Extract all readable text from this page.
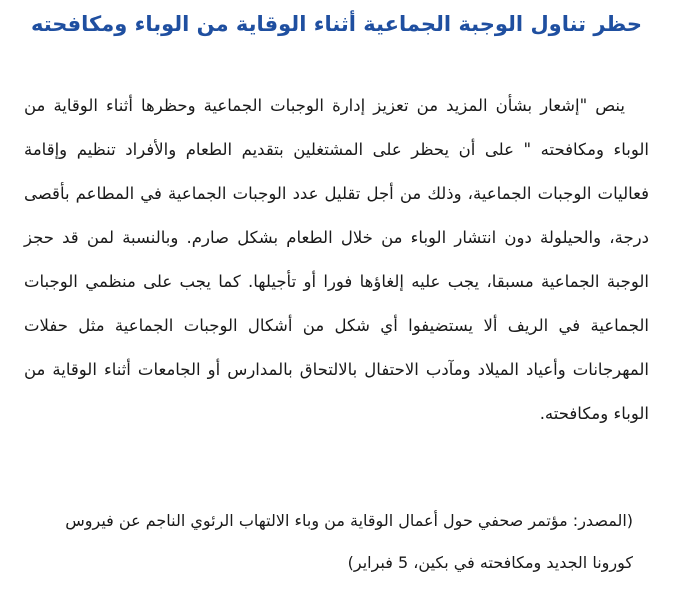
حظر تناول الوجبة الجماعية أثناء الوقاية من الوباء ومكافحته

ينص "إشعار بشأن المزيد من تعزيز إدارة الوجبات الجماعية وحظرها أثناء الوقاية من الوباء ومكافحته " على أن يحظر على المشتغلين بتقديم الطعام والأفراد تنظيم وإقامة فعاليات الوجبات الجماعية، وذلك من أجل تقليل عدد الوجبات الجماعية في المطاعم بأقصى درجة، والحيلولة دون انتشار الوباء من خلال الطعام بشكل صارم. وبالنسبة لمن قد حجز الوجبة الجماعية مسبقا، يجب عليه إلغاؤها فورا أو تأجيلها. كما يجب على منظمي الوجبات الجماعية في الريف ألا يستضيفوا أي شكل من أشكال الوجبات الجماعية مثل حفلات المهرجانات وأعياد الميلاد ومآدب الاحتفال بالالتحاق بالمدارس أو الجامعات أثناء الوقاية من الوباء ومكافحته.

(المصدر: مؤتمر صحفي حول أعمال الوقاية من وباء الالتهاب الرئوي الناجم عن فيروس كورونا الجديد ومكافحته في بكين، 5 فبراير)
